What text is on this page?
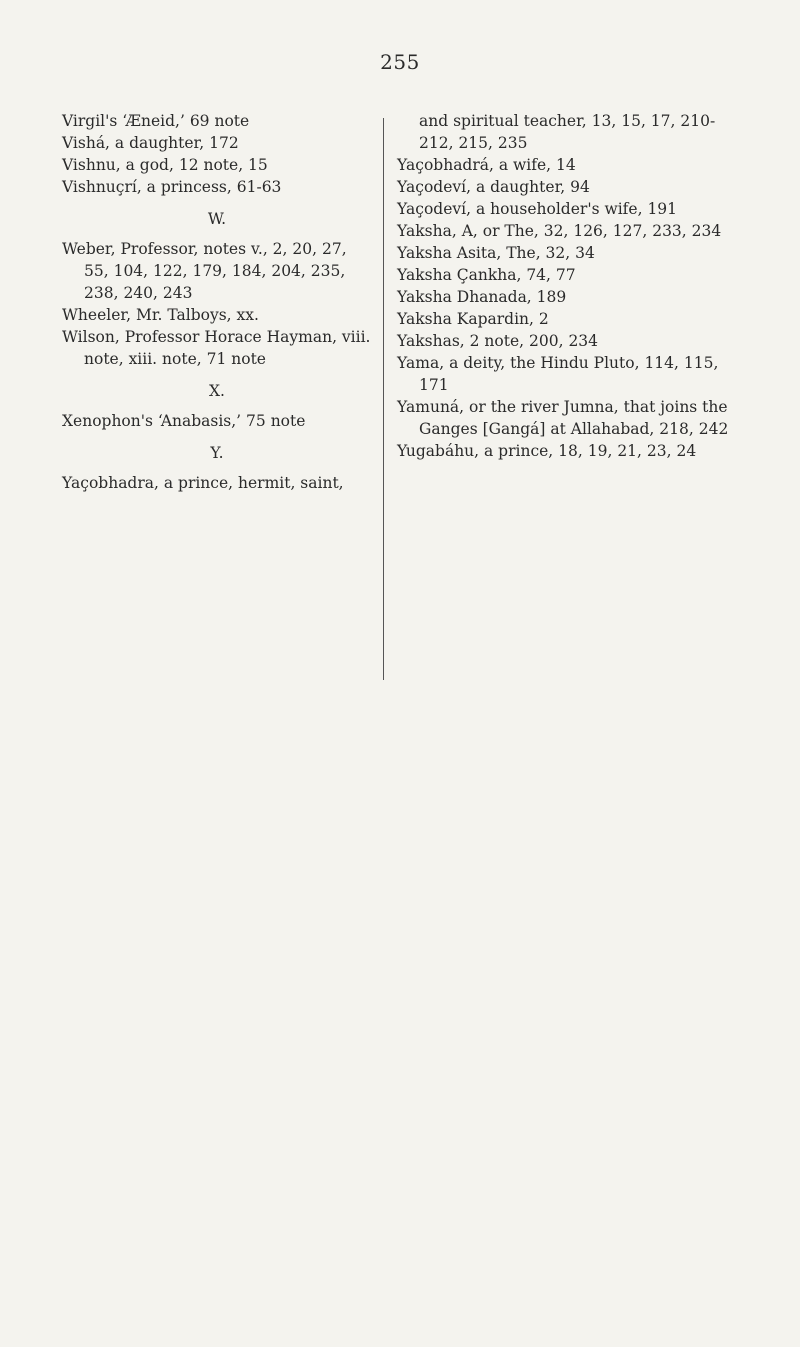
255
Virgil's ‘Æneid,’ 69 note
Vishá, a daughter, 172
Vishnu, a god, 12 note, 15
Vishnuçrí, a princess, 61-63
W.
Weber, Professor, notes v., 2, 20, 27, 55, 104, 122, 179, 184, 204, 235, 238, 240, 243
Wheeler, Mr. Talboys, xx.
Wilson, Professor Horace Hayman, viii. note, xiii. note, 71 note
X.
Xenophon's ‘Anabasis,’ 75 note
Y.
Yaçobhadra, a prince, hermit, saint,
and spiritual teacher, 13, 15, 17, 210-212, 215, 235
Yaçobhadrá, a wife, 14
Yaçodeví, a daughter, 94
Yaçodeví, a householder's wife, 191
Yaksha, A, or The, 32, 126, 127, 233, 234
Yaksha Asita, The, 32, 34
Yaksha Çankha, 74, 77
Yaksha Dhanada, 189
Yaksha Kapardin, 2
Yakshas, 2 note, 200, 234
Yama, a deity, the Hindu Pluto, 114, 115, 171
Yamuná, or the river Jumna, that joins the Ganges [Gangá] at Allahabad, 218, 242
Yugabáhu, a prince, 18, 19, 21, 23, 24
